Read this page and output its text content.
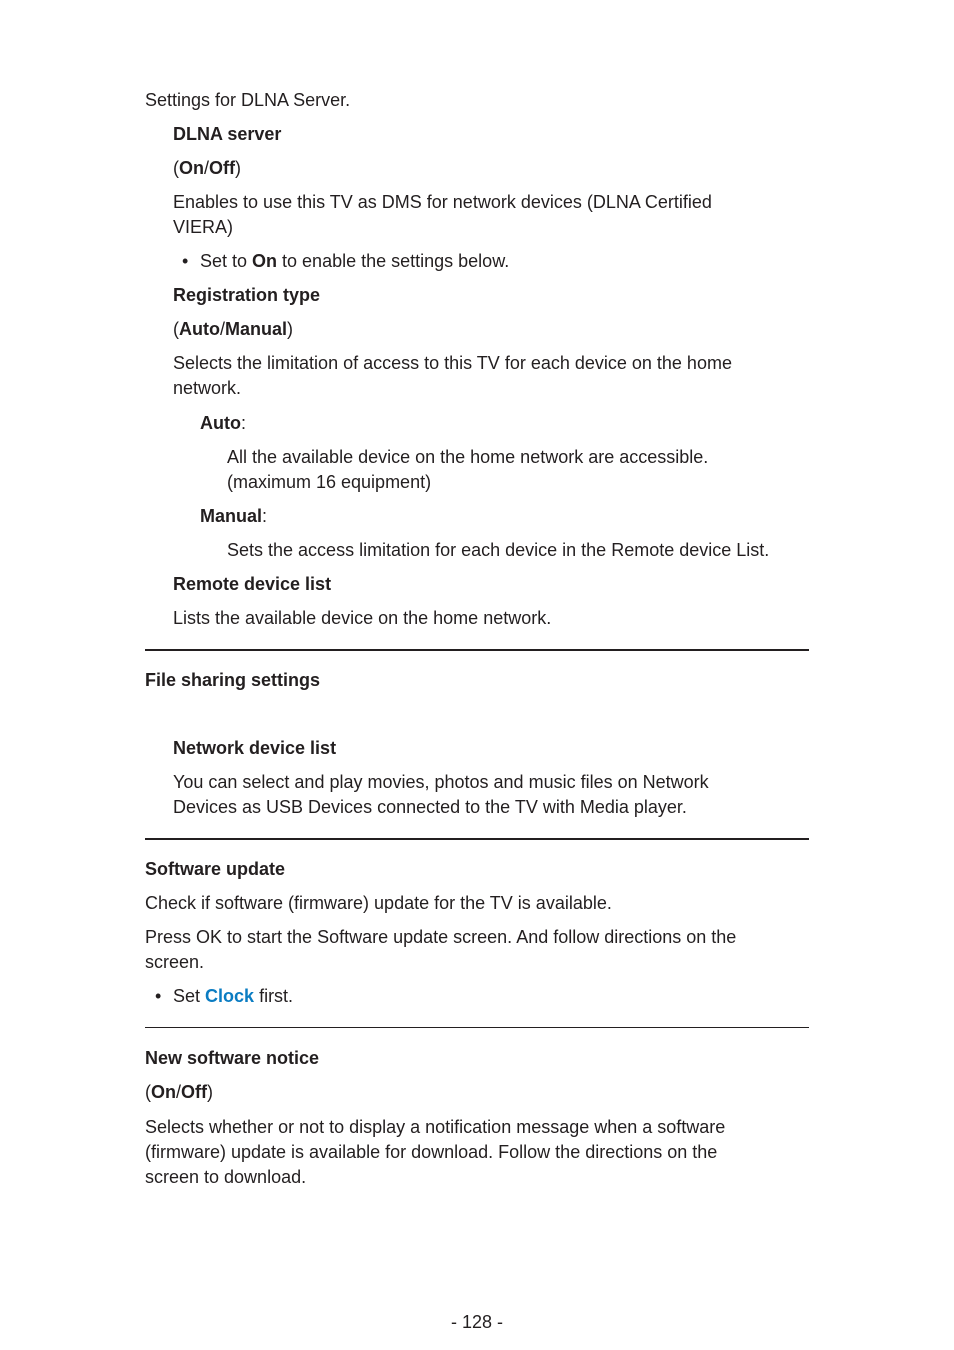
Settings for DLNA Server.

DLNA server

(On/Off)

Enables to use this TV as DMS for network devices (DLNA Certified

VIERA)

• Set to On to enable the settings below.

Registration type

(Auto/Manual)

Selects the limitation of access to this TV for each device on the home

network.

Auto:

All the available device on the home network are accessible.

(maximum 16 equipment)

Manual:

Sets the access limitation for each device in the Remote device List.

Remote device list

Lists the available device on the home network.

File sharing settings

Network device list

You can select and play movies, photos and music files on Network

Devices as USB Devices connected to the TV with Media player.

Software update

Check if software (firmware) update for the TV is available.

Press OK to start the Software update screen. And follow directions on the

screen.

• Set Clock first.

New software notice

(On/Off)

Selects whether or not to display a notification message when a software

(firmware) update is available for download. Follow the directions on the

screen to download.

- 128 -
